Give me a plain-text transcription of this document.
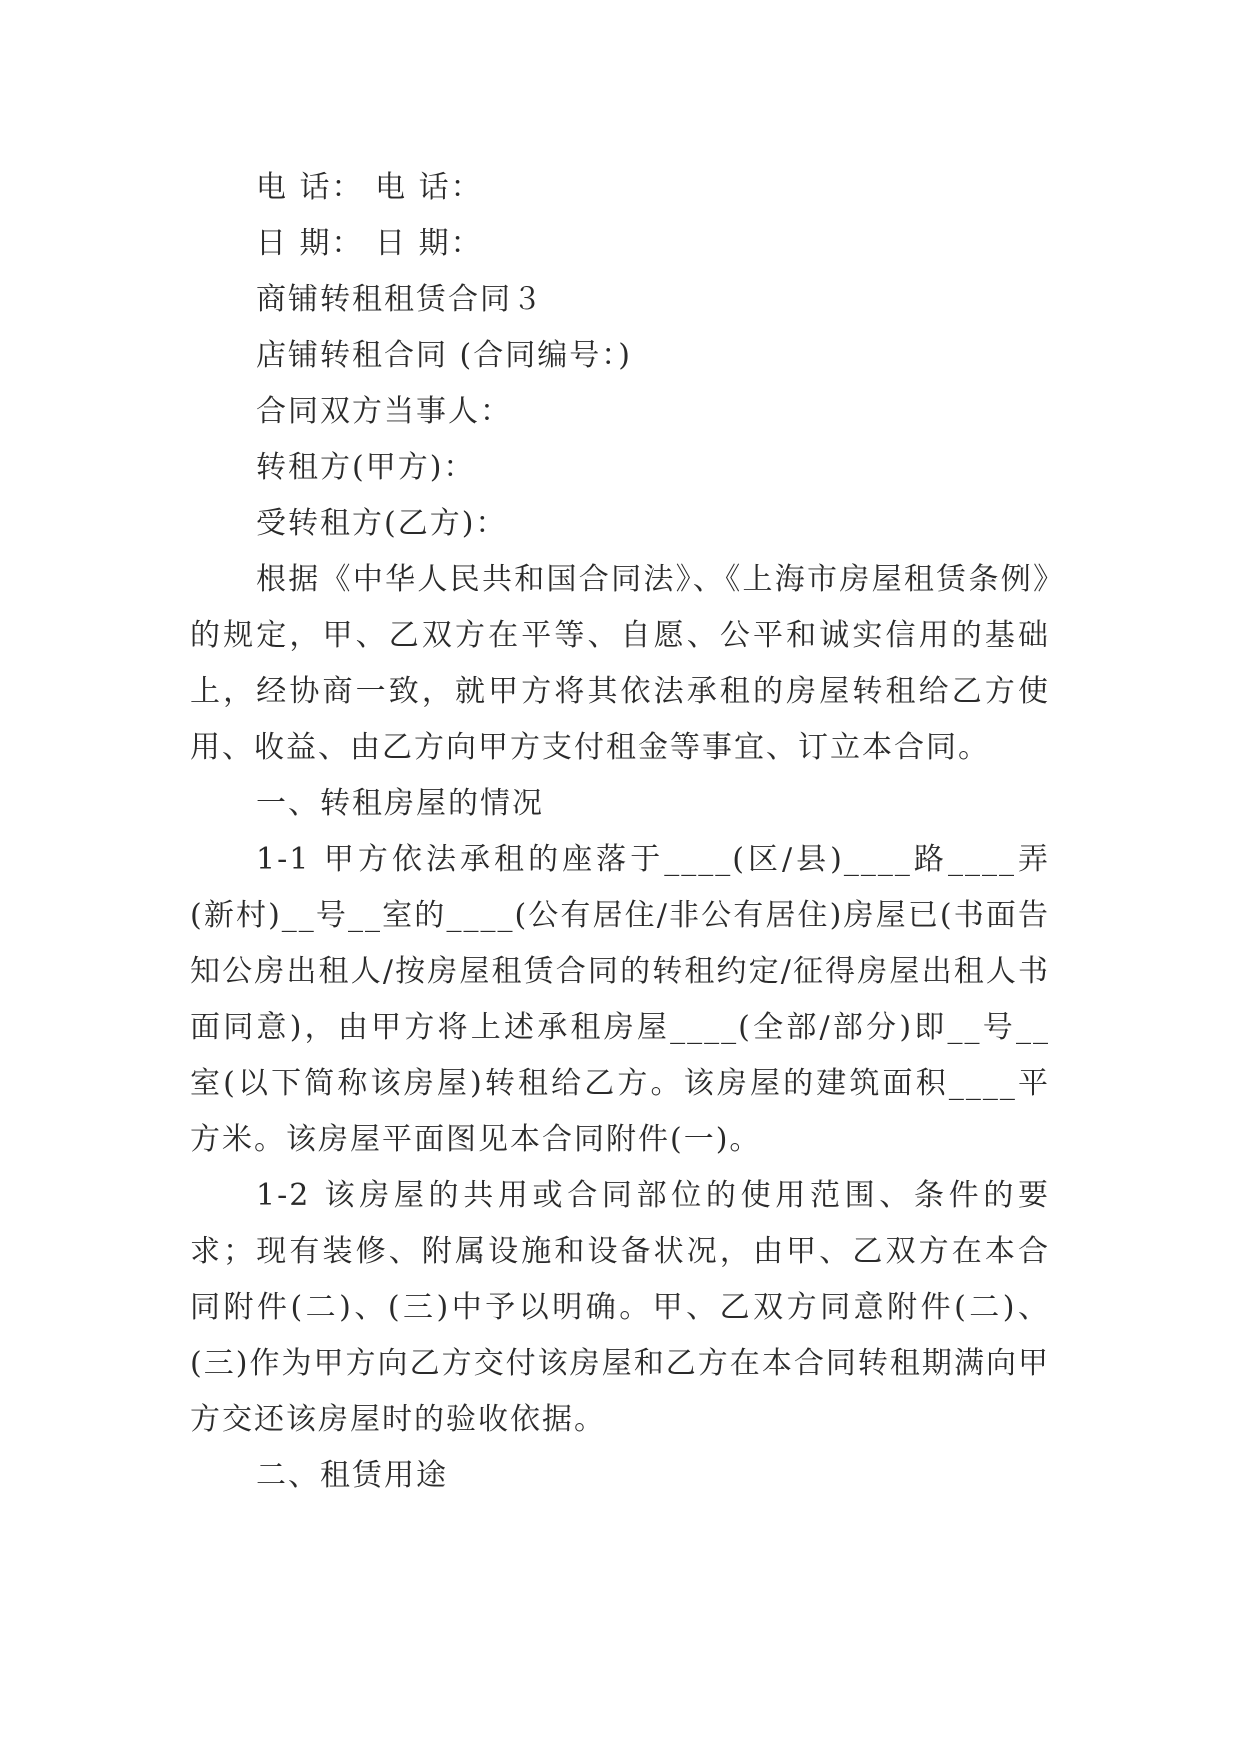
电 话： 电 话：

日 期： 日 期：

商铺转租租赁合同３

店铺转租合同 (合同编号：)

合同双方当事人：

转租方(甲方)：

受转租方(乙方)：

根据《中华人民共和国合同法》、《上海市房屋租赁条例》的规定，甲、乙双方在平等、自愿、公平和诚实信用的基础上，经协商一致，就甲方将其依法承租的房屋转租给乙方使用、收益、由乙方向甲方支付租金等事宜、订立本合同。

一、转租房屋的情况

1-1 甲方依法承租的座落于____(区/县)____路____弄(新村)__号__室的____(公有居住/非公有居住)房屋已(书面告知公房出租人/按房屋租赁合同的转租约定/征得房屋出租人书面同意)，由甲方将上述承租房屋____(全部/部分)即__号__室(以下简称该房屋)转租给乙方。该房屋的建筑面积____平方米。该房屋平面图见本合同附件(一)。

1-2 该房屋的共用或合同部位的使用范围、条件的要求；现有装修、附属设施和设备状况，由甲、乙双方在本合同附件(二)、(三)中予以明确。甲、乙双方同意附件(二)、(三)作为甲方向乙方交付该房屋和乙方在本合同转租期满向甲方交还该房屋时的验收依据。

二、租赁用途
